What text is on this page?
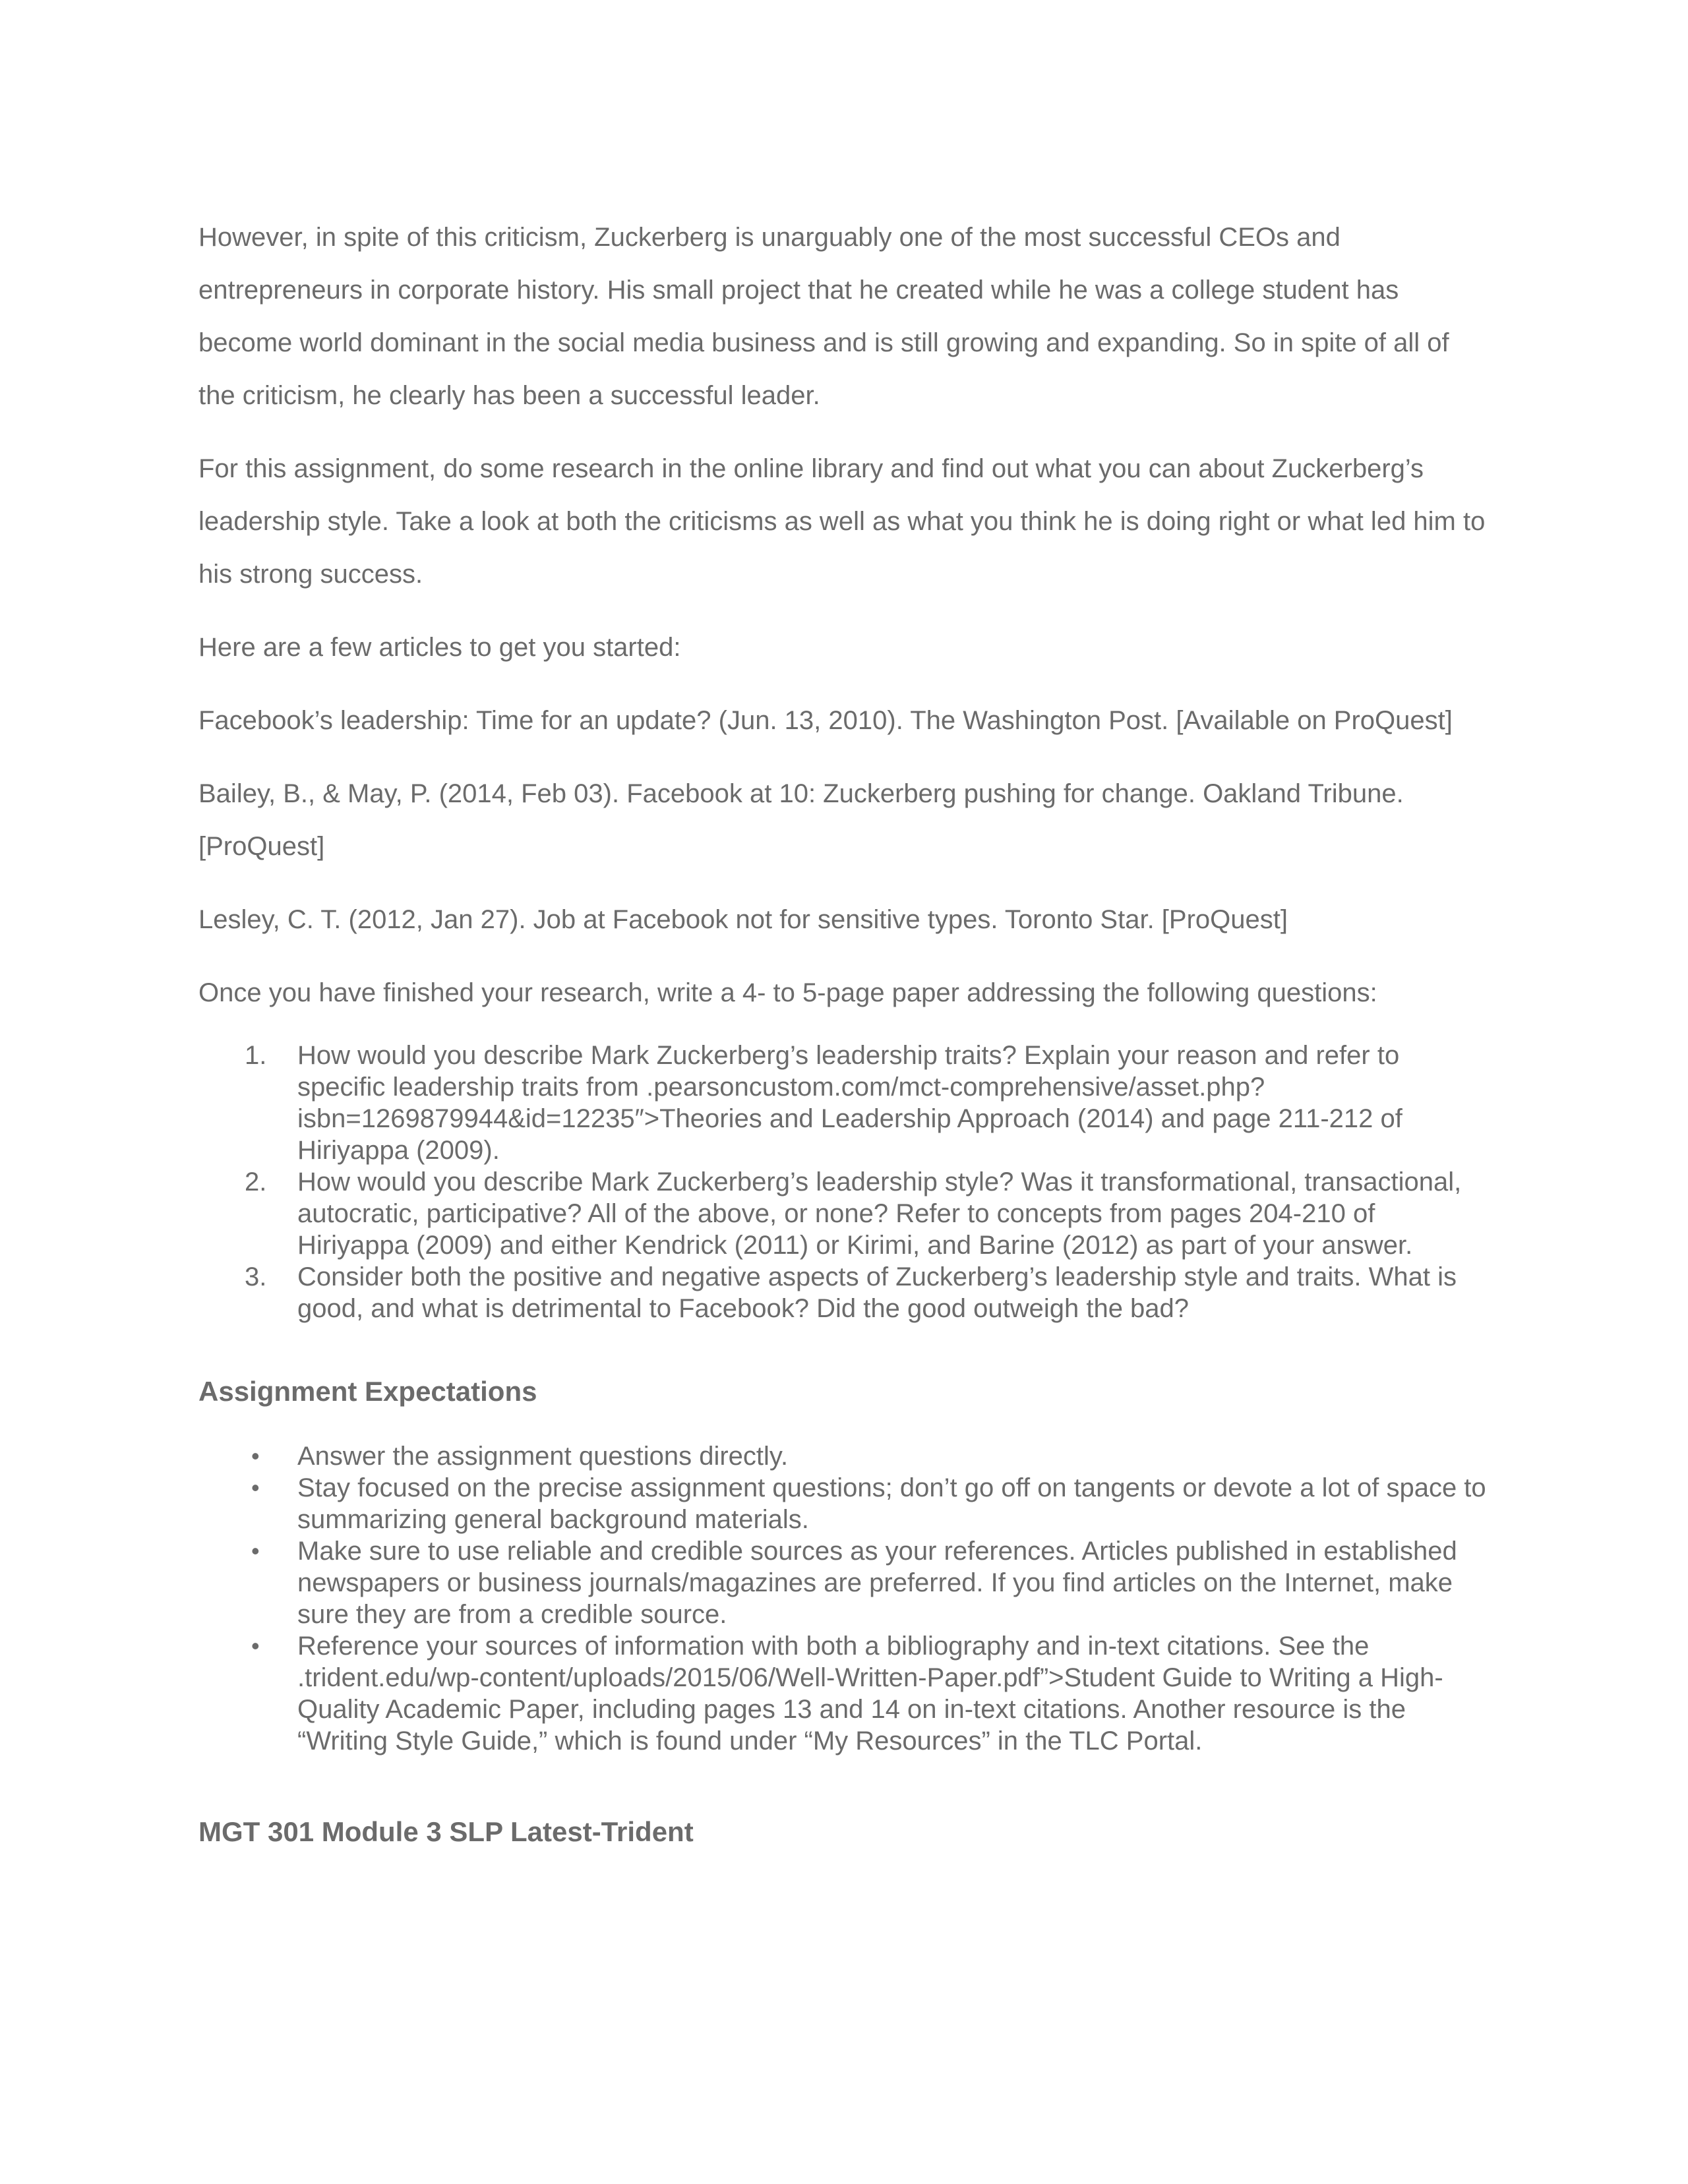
However, in spite of this criticism, Zuckerberg is unarguably one of the most successful CEOs and entrepreneurs in corporate history. His small project that he created while he was a college student has become world dominant in the social media business and is still growing and expanding. So in spite of all of the criticism, he clearly has been a successful leader.

For this assignment, do some research in the online library and find out what you can about Zuckerberg’s leadership style. Take a look at both the criticisms as well as what you think he is doing right or what led him to his strong success.

Here are a few articles to get you started:

Facebook’s leadership: Time for an update? (Jun. 13, 2010). The Washington Post. [Available on ProQuest]

Bailey, B., & May, P. (2014, Feb 03). Facebook at 10: Zuckerberg pushing for change. Oakland Tribune. [ProQuest]

Lesley, C. T. (2012, Jan 27). Job at Facebook not for sensitive types. Toronto Star. [ProQuest]

Once you have finished your research, write a 4- to 5-page paper addressing the following questions:

1.	How would you describe Mark Zuckerberg’s leadership traits? Explain your reason and refer to specific leadership traits from .pearsoncustom.com/mct-comprehensive/asset.php?isbn=1269879944&id=12235″>Theories and Leadership Approach (2014) and page 211-212 of Hiriyappa (2009).
2.	How would you describe Mark Zuckerberg’s leadership style? Was it transformational, transactional, autocratic, participative? All of the above, or none? Refer to concepts from pages 204-210 of Hiriyappa (2009) and either Kendrick (2011) or Kirimi, and Barine (2012) as part of your answer.
3.	Consider both the positive and negative aspects of Zuckerberg’s leadership style and traits. What is good, and what is detrimental to Facebook? Did the good outweigh the bad?
Assignment Expectations
•	Answer the assignment questions directly.
•	Stay focused on the precise assignment questions; don’t go off on tangents or devote a lot of space to summarizing general background materials.
•	Make sure to use reliable and credible sources as your references. Articles published in established newspapers or business journals/magazines are preferred. If you find articles on the Internet, make sure they are from a credible source.
•	Reference your sources of information with both a bibliography and in-text citations. See the .trident.edu/wp-content/uploads/2015/06/Well-Written-Paper.pdf”>Student Guide to Writing a High-Quality Academic Paper, including pages 13 and 14 on in-text citations. Another resource is the “Writing Style Guide,” which is found under “My Resources” in the TLC Portal.
MGT 301 Module 3 SLP Latest-Trident
